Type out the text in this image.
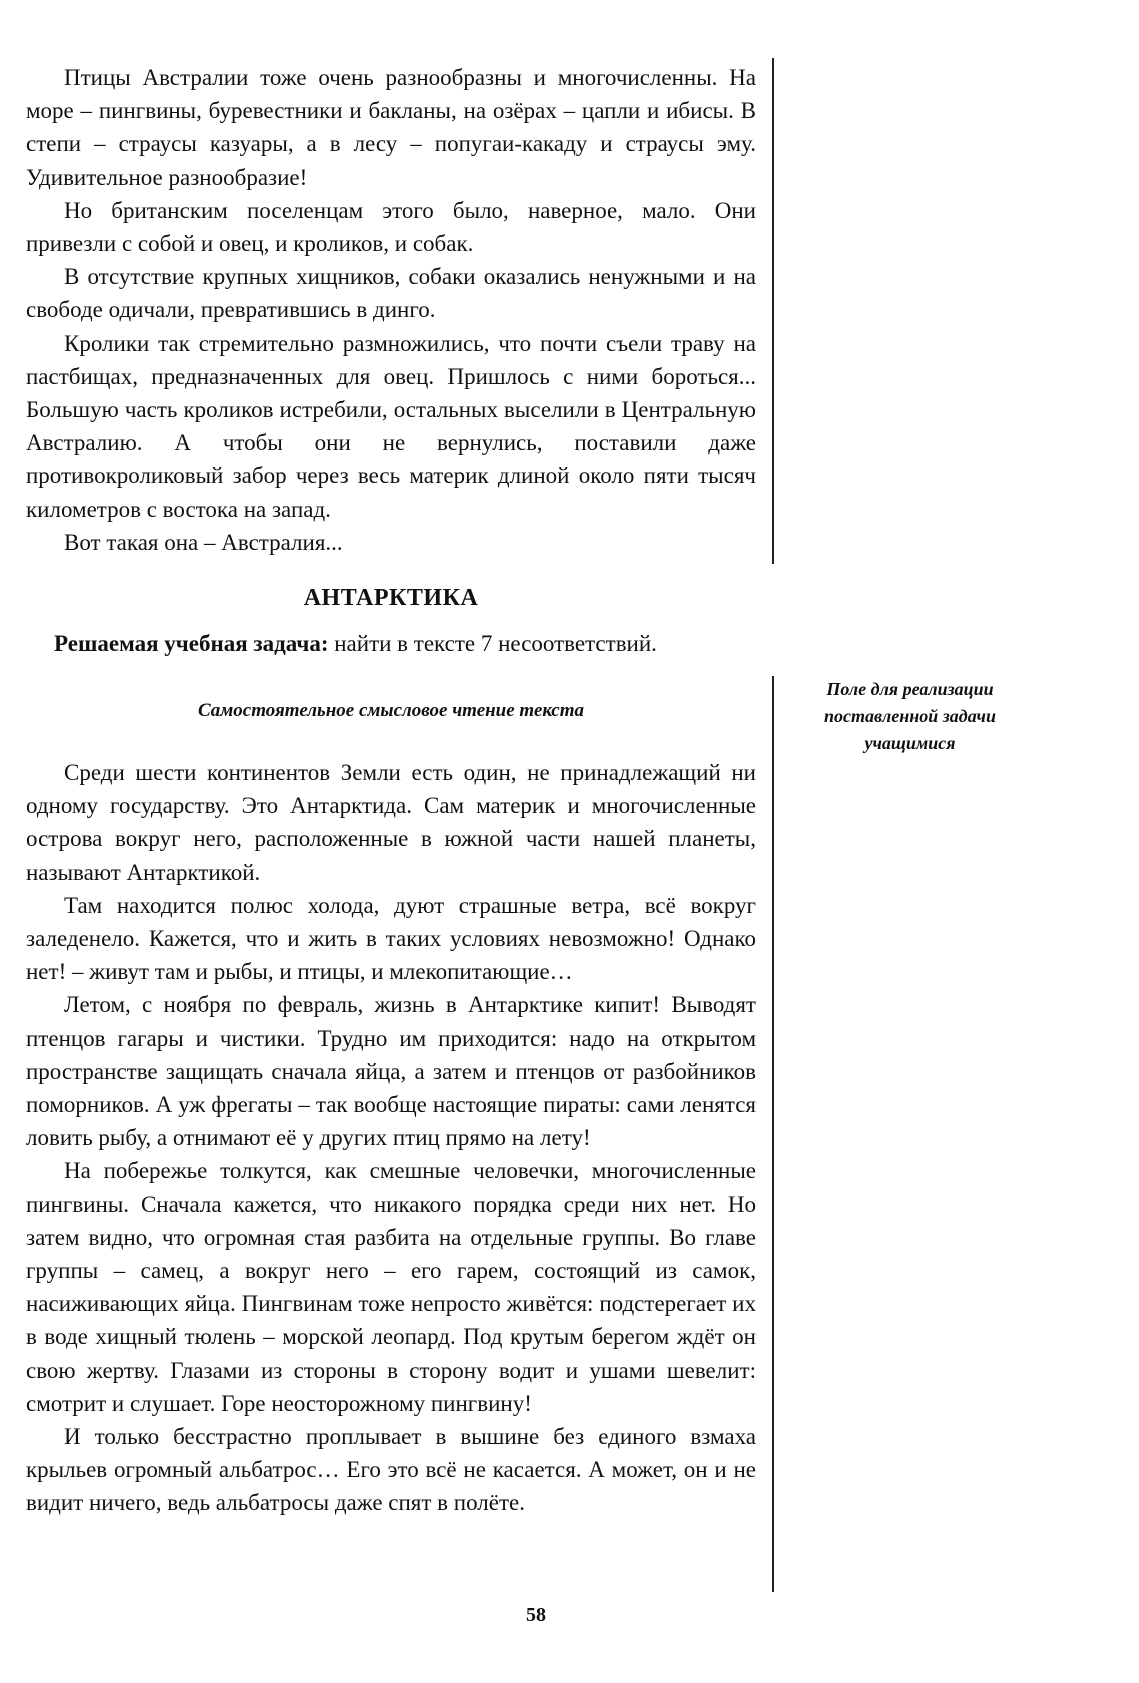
Птицы Австралии тоже очень разнообразны и многочисленны. На море – пингвины, буревестники и бакланы, на озёрах – цапли и ибисы. В степи – страусы казуары, а в лесу – попугаи-какаду и страусы эму. Удивительное разнообразие!

Но британским поселенцам этого было, наверное, мало. Они привезли с собой и овец, и кроликов, и собак.

В отсутствие крупных хищников, собаки оказались ненужными и на свободе одичали, превратившись в динго.

Кролики так стремительно размножились, что почти съели траву на пастбищах, предназначенных для овец. Пришлось с ними бороться... Большую часть кроликов истребили, остальных выселили в Центральную Австралию. А чтобы они не вернулись, поставили даже противокроликовый забор через весь материк длиной около пяти тысяч километров с востока на запад.

Вот такая она – Австралия...

АНТАРКТИКА

Решаемая учебная задача: найти в тексте 7 несоответствий.

Самостоятельное смысловое чтение текста

Поле для реализации поставленной задачи учащимися

Среди шести континентов Земли есть один, не принадлежащий ни одному государству. Это Антарктида. Сам материк и многочисленные острова вокруг него, расположенные в южной части нашей планеты, называют Антарктикой.

Там находится полюс холода, дуют страшные ветра, всё вокруг заледенело. Кажется, что и жить в таких условиях невозможно! Однако нет! – живут там и рыбы, и птицы, и млекопитающие…

Летом, с ноября по февраль, жизнь в Антарктике кипит! Выводят птенцов гагары и чистики. Трудно им приходится: надо на открытом пространстве защищать сначала яйца, а затем и птенцов от разбойников поморников. А уж фрегаты – так вообще настоящие пираты: сами ленятся ловить рыбу, а отнимают её у других птиц прямо на лету!

На побережье толкутся, как смешные человечки, многочисленные пингвины. Сначала кажется, что никакого порядка среди них нет. Но затем видно, что огромная стая разбита на отдельные группы. Во главе группы – самец, а вокруг него – его гарем, состоящий из самок, насиживающих яйца. Пингвинам тоже непросто живётся: подстерегает их в воде хищный тюлень – морской леопард. Под крутым берегом ждёт он свою жертву. Глазами из стороны в сторону водит и ушами шевелит: смотрит и слушает. Горе неосторожному пингвину!

И только бесстрастно проплывает в вышине без единого взмаха крыльев огромный альбатрос… Его это всё не касается. А может, он и не видит ничего, ведь альбатросы даже спят в полёте.

58
